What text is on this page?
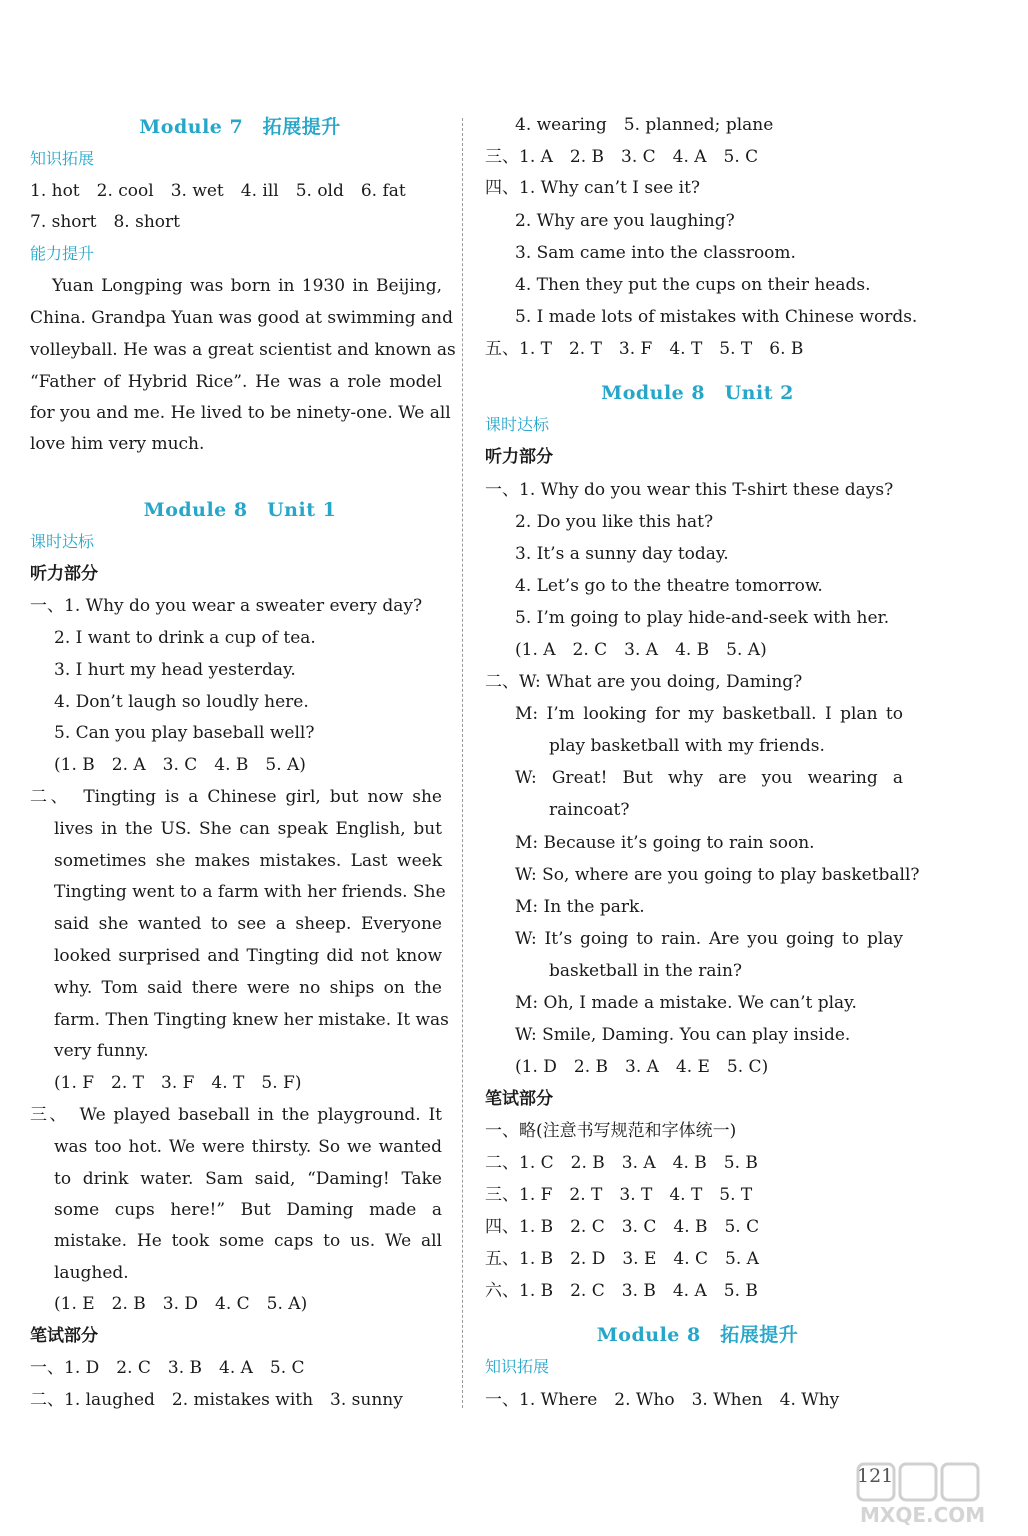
Module 7　拓展提升
知识拓展
1. hot　2. cool　3. wet　4. ill　5. old　6. fat
7. short　8. short
能力提升
Yuan Longping was born in 1930 in Beijing,
China. Grandpa Yuan was good at swimming and
volleyball. He was a great scientist and known as
“Father of Hybrid Rice”. He was a role model
for you and me. He lived to be ninety-one. We all
love him very much.
Module 8　Unit 1
课时达标
听力部分
一、1. Why do you wear a sweater every day?
2. I want to drink a cup of tea.
3. I hurt my head yesterday.
4. Don’t laugh so loudly here.
5. Can you play baseball well?
(1. B　2. A　3. C　4. B　5. A)
二、　Tingting is a Chinese girl, but now she
lives in the US. She can speak English, but
sometimes she makes mistakes. Last week
Tingting went to a farm with her friends. She
said she wanted to see a sheep. Everyone
looked surprised and Tingting did not know
why. Tom said there were no ships on the
farm. Then Tingting knew her mistake. It was
very funny.
(1. F　2. T　3. F　4. T　5. F)
三、　We played baseball in the playground. It
was too hot. We were thirsty. So we wanted
to drink water. Sam said, “Daming! Take
some cups here!” But Daming made a
mistake. He took some caps to us. We all
laughed.
(1. E　2. B　3. D　4. C　5. A)
笔试部分
一、1. D　2. C　3. B　4. A　5. C
二、1. laughed　2. mistakes with　3. sunny
4. wearing　5. planned; plane
三、1. A　2. B　3. C　4. A　5. C
四、1. Why can’t I see it?
2. Why are you laughing?
3. Sam came into the classroom.
4. Then they put the cups on their heads.
5. I made lots of mistakes with Chinese words.
五、1. T　2. T　3. F　4. T　5. T　6. B
Module 8　Unit 2
课时达标
听力部分
一、1. Why do you wear this T-shirt these days?
2. Do you like this hat?
3. It’s a sunny day today.
4. Let’s go to the theatre tomorrow.
5. I’m going to play hide-and-seek with her.
(1. A　2. C　3. A　4. B　5. A)
二、W: What are you doing, Daming?
M: I’m looking for my basketball. I plan to
play basketball with my friends.
W: Great! But why are you wearing a
raincoat?
M: Because it’s going to rain soon.
W: So, where are you going to play basketball?
M: In the park.
W: It’s going to rain. Are you going to play
basketball in the rain?
M: Oh, I made a mistake. We can’t play.
W: Smile, Daming. You can play inside.
(1. D　2. B　3. A　4. E　5. C)
笔试部分
一、略(注意书写规范和字体统一)
二、1. C　2. B　3. A　4. B　5. B
三、1. F　2. T　3. T　4. T　5. T
四、1. B　2. C　3. C　4. B　5. C
五、1. B　2. D　3. E　4. C　5. A
六、1. B　2. C　3. B　4. A　5. B
Module 8　拓展提升
知识拓展
一、1. Where　2. Who　3. When　4. Why
121
MXQE.COM
